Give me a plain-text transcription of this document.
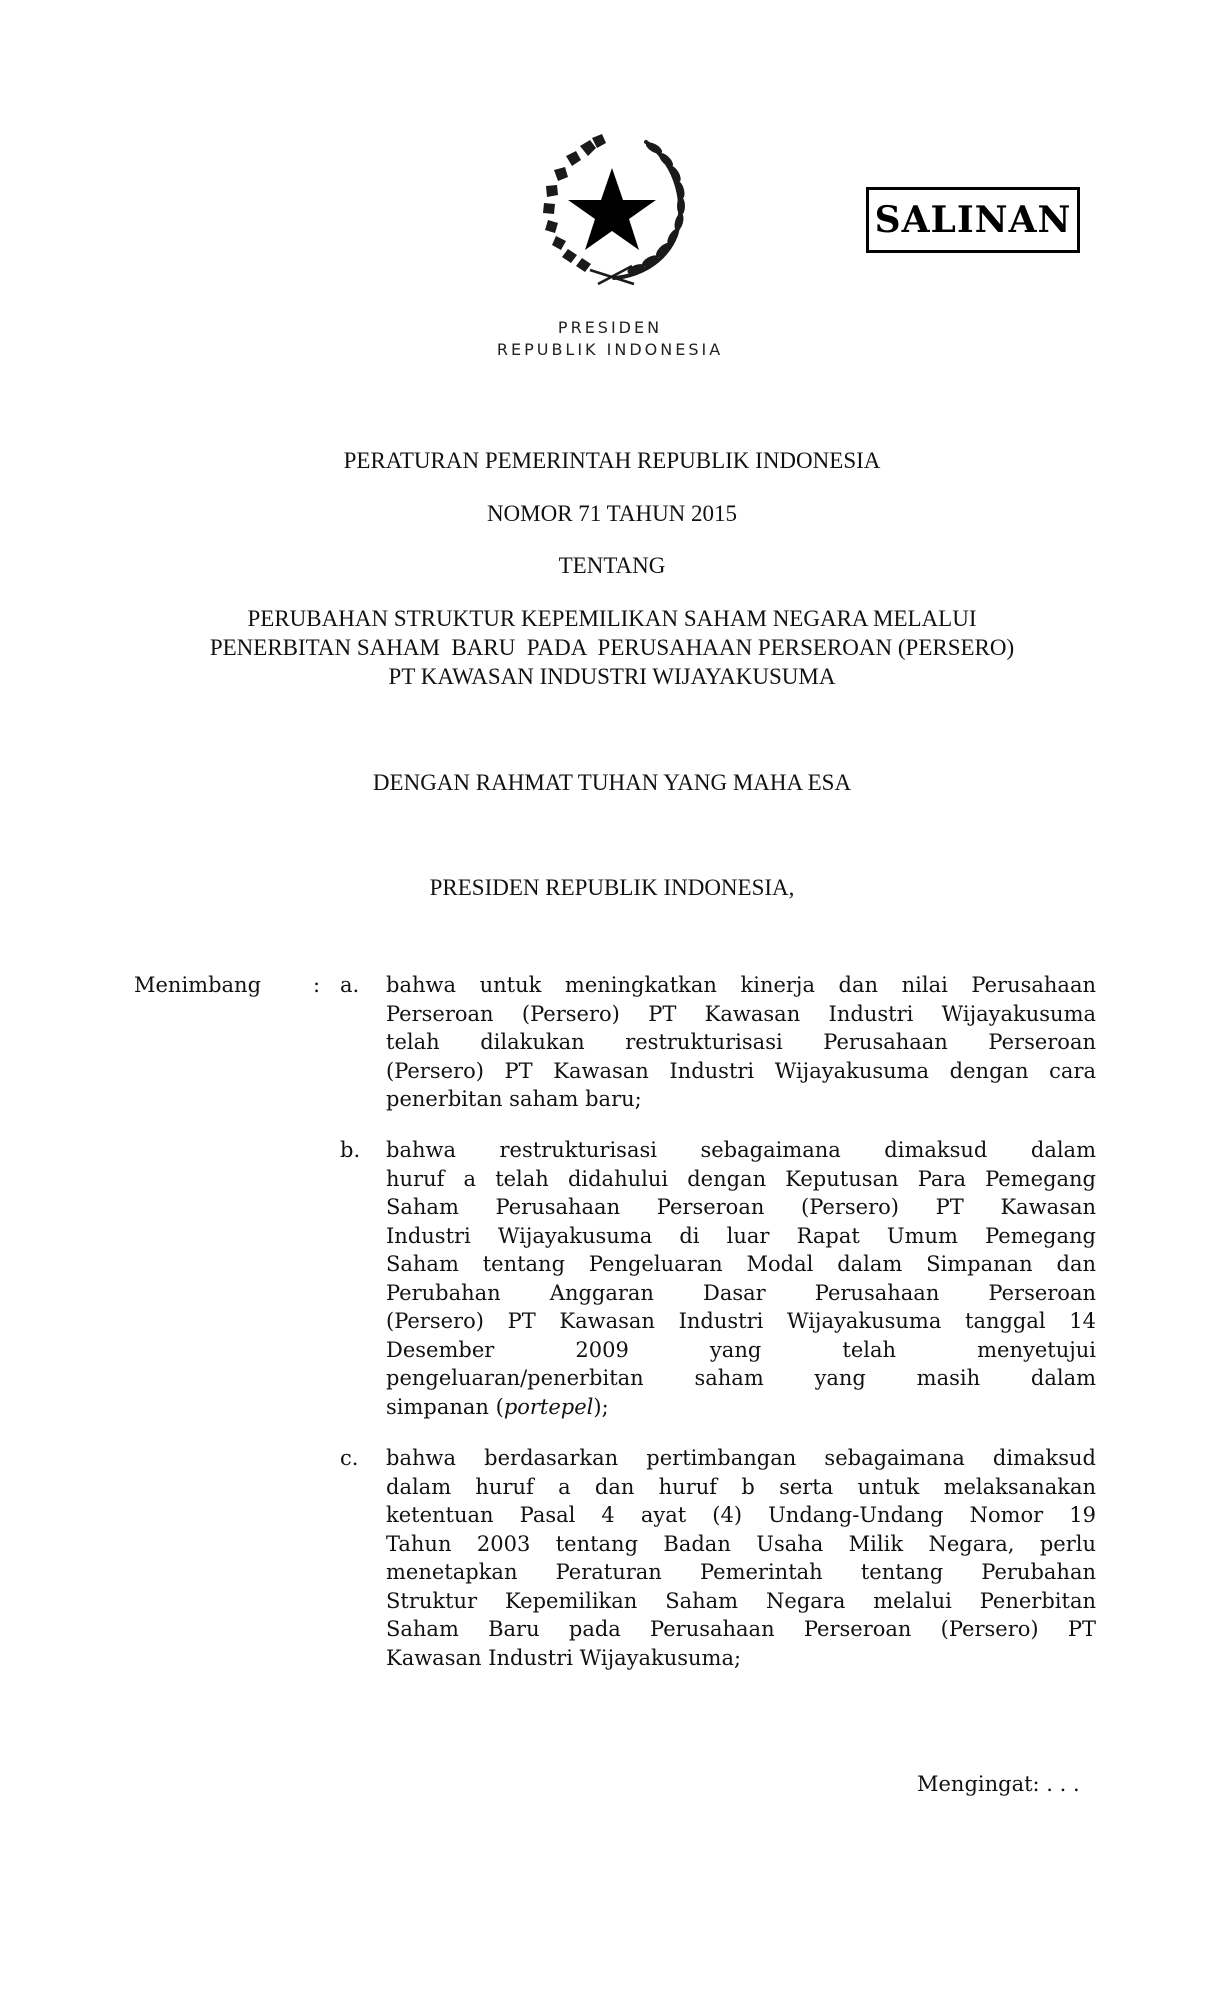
PRESIDEN
REPUBLIK INDONESIA
SALINAN
PERATURAN PEMERINTAH REPUBLIK INDONESIA
NOMOR 71 TAHUN 2015
TENTANG
PERUBAHAN STRUKTUR KEPEMILIKAN SAHAM NEGARA MELALUI
PENERBITAN SAHAM  BARU  PADA  PERUSAHAAN PERSEROAN (PERSERO)
PT KAWASAN INDUSTRI WIJAYAKUSUMA
DENGAN RAHMAT TUHAN YANG MAHA ESA
PRESIDEN REPUBLIK INDONESIA,
Menimbang : a. bahwa untuk meningkatkan kinerja dan nilai Perusahaan
Perseroan (Persero) PT Kawasan Industri Wijayakusuma
telah dilakukan restrukturisasi Perusahaan Perseroan
(Persero) PT Kawasan Industri Wijayakusuma dengan cara
penerbitan saham baru;
b. bahwa restrukturisasi sebagaimana dimaksud dalam
huruf a telah didahului dengan Keputusan Para Pemegang
Saham Perusahaan Perseroan (Persero) PT Kawasan
Industri Wijayakusuma di luar Rapat Umum Pemegang
Saham tentang Pengeluaran Modal dalam Simpanan dan
Perubahan Anggaran Dasar Perusahaan Perseroan
(Persero) PT Kawasan Industri Wijayakusuma tanggal 14
Desember 2009 yang telah menyetujui
pengeluaran/penerbitan saham yang masih dalam
simpanan (portepel);
c. bahwa berdasarkan pertimbangan sebagaimana dimaksud
dalam huruf a dan huruf b serta untuk melaksanakan
ketentuan Pasal 4 ayat (4) Undang-Undang Nomor 19
Tahun 2003 tentang Badan Usaha Milik Negara, perlu
menetapkan Peraturan Pemerintah tentang Perubahan
Struktur Kepemilikan Saham Negara melalui Penerbitan
Saham Baru pada Perusahaan Perseroan (Persero) PT
Kawasan Industri Wijayakusuma;
Mengingat: . . .
